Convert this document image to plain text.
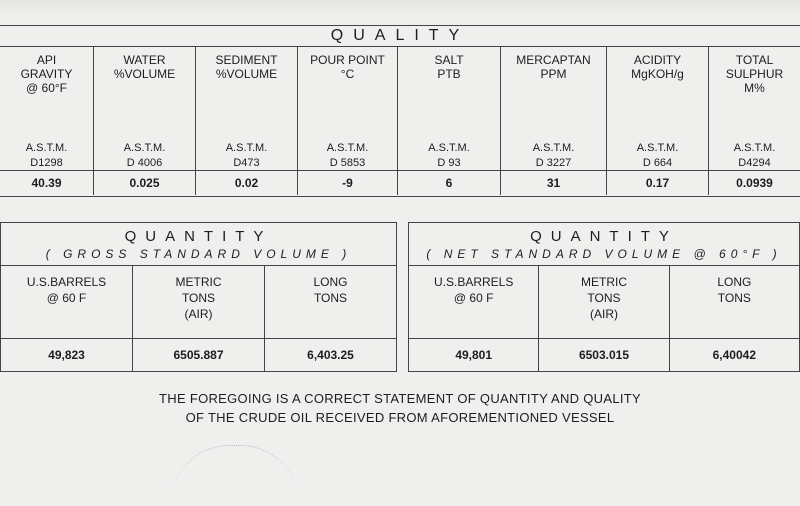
QUALITY
API
GRAVITY
@ 60°F
A.S.T.M.
D1298
40.39
WATER
%VOLUME
A.S.T.M.
D 4006
0.025
SEDIMENT
%VOLUME
A.S.T.M.
D473
0.02
POUR POINT
°C
A.S.T.M.
D 5853
-9
SALT
PTB
A.S.T.M.
D 93
6
MERCAPTAN
PPM
A.S.T.M.
D 3227
31
ACIDITY
MgKOH/g
A.S.T.M.
D 664
0.17
TOTAL
SULPHUR
M%
A.S.T.M.
D4294
0.0939
QUANTITY
( GROSS STANDARD VOLUME )
U.S.BARRELS
@ 60 F
49,823
METRIC
TONS
(AIR)
6505.887
LONG
TONS
6,403.25
QUANTITY
( NET STANDARD VOLUME @ 60°F )
U.S.BARRELS
@ 60 F
49,801
METRIC
TONS
(AIR)
6503.015
LONG
TONS
6,40042
THE FOREGOING IS A CORRECT STATEMENT OF QUANTITY AND QUALITY
OF THE CRUDE OIL RECEIVED FROM AFOREMENTIONED VESSEL
